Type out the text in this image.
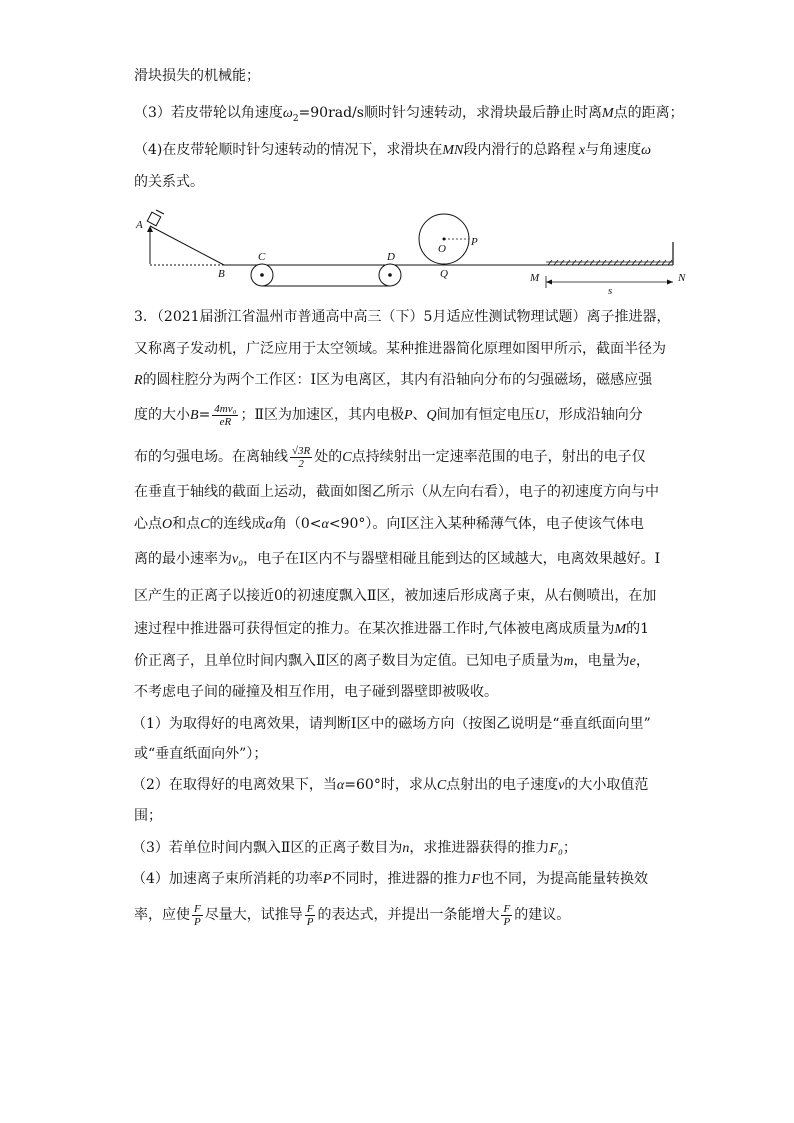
滑块损失的机械能；
（3）若皮带轮以角速度$\omega_2=90rad/s$顺时针匀速转动，求滑块最后静止时离M点的距离；
（4)在皮带轮顺时针匀速转动的情况下，求滑块在MN段内滑行的总路程 x与角速度ω
的关系式。
A
B
C	D
O
P
Q	M	N
s
3．（2021届浙江省温州市普通高中高三（下）5月适应性测试物理试题）离子推进器，
又称离子发动机，广泛应用于太空领域。某种推进器简化原理如图甲所示，截面半径为
R的圆柱腔分为两个工作区：Ⅰ区为电离区，其内有沿轴向分布的匀强磁场，磁感应强
度的大小$B= \frac{\text{4mv₀}}{eR}$ ；Ⅱ区为加速区，其内电极P、Q间加有恒定电压U，形成沿轴向分
布的匀强电场。在离轴线 $\frac{√3R}{2}$ 处的C点持续射出一定速率范围的电子，射出的电子仅
在垂直于轴线的截面上运动，截面如图乙所示（从左向右看），电子的初速度方向与中
心点O和点C的连线成α角（0<α<90°）。向Ⅰ区注入某种稀薄气体，电子使该气体电
离的最小速率为v₀，电子在Ⅰ区内不与器壁相碰且能到达的区域越大，电离效果越好。Ⅰ
区产生的正离子以接近0的初速度飘入Ⅱ区，被加速后形成离子束，从右侧喷出，在加
速过程中推进器可获得恒定的推力。在某次推进器工作时,气体被电离成质量为M的1
价正离子，且单位时间内飘入Ⅱ区的离子数目为定值。已知电子质量为m，电量为e，
不考虑电子间的碰撞及相互作用，电子碰到器壁即被吸收。
（1）为取得好的电离效果，请判断Ⅰ区中的磁场方向（按图乙说明是“垂直纸面向里”
或“垂直纸面向外”）；
（2）在取得好的电离效果下，当α=60°时，求从C点射出的电子速度v的大小取值范
围；
（3）若单位时间内飘入Ⅱ区的正离子数目为n，求推进器获得的推力F₀；
（4）加速离子束所消耗的功率P不同时，推进器的推力F也不同，为提高能量转换效
率，应使 $\frac{F}{P}$ 尽量大，试推导 $\frac{F}{P}$ 的表达式，并提出一条能增大 $\frac{F}{P}$ 的建议。
